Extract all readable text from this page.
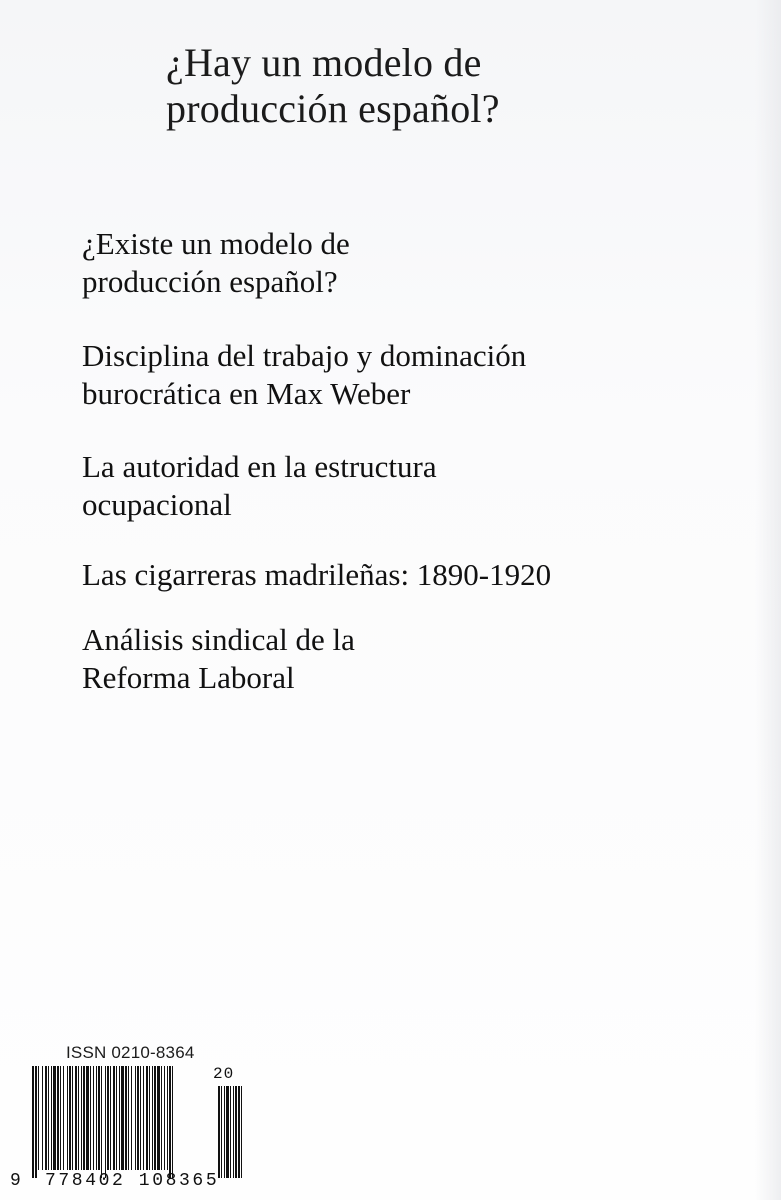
¿Hay un modelo de
producción español?

¿Existe un modelo de
producción español?

Disciplina del trabajo y dominación
burocrática en Max Weber

La autoridad en la estructura
ocupacional

Las cigarreras madrileñas: 1890-1920

Análisis sindical de la
Reforma Laboral

ISSN 0210-8364
9 778402 108365
20
